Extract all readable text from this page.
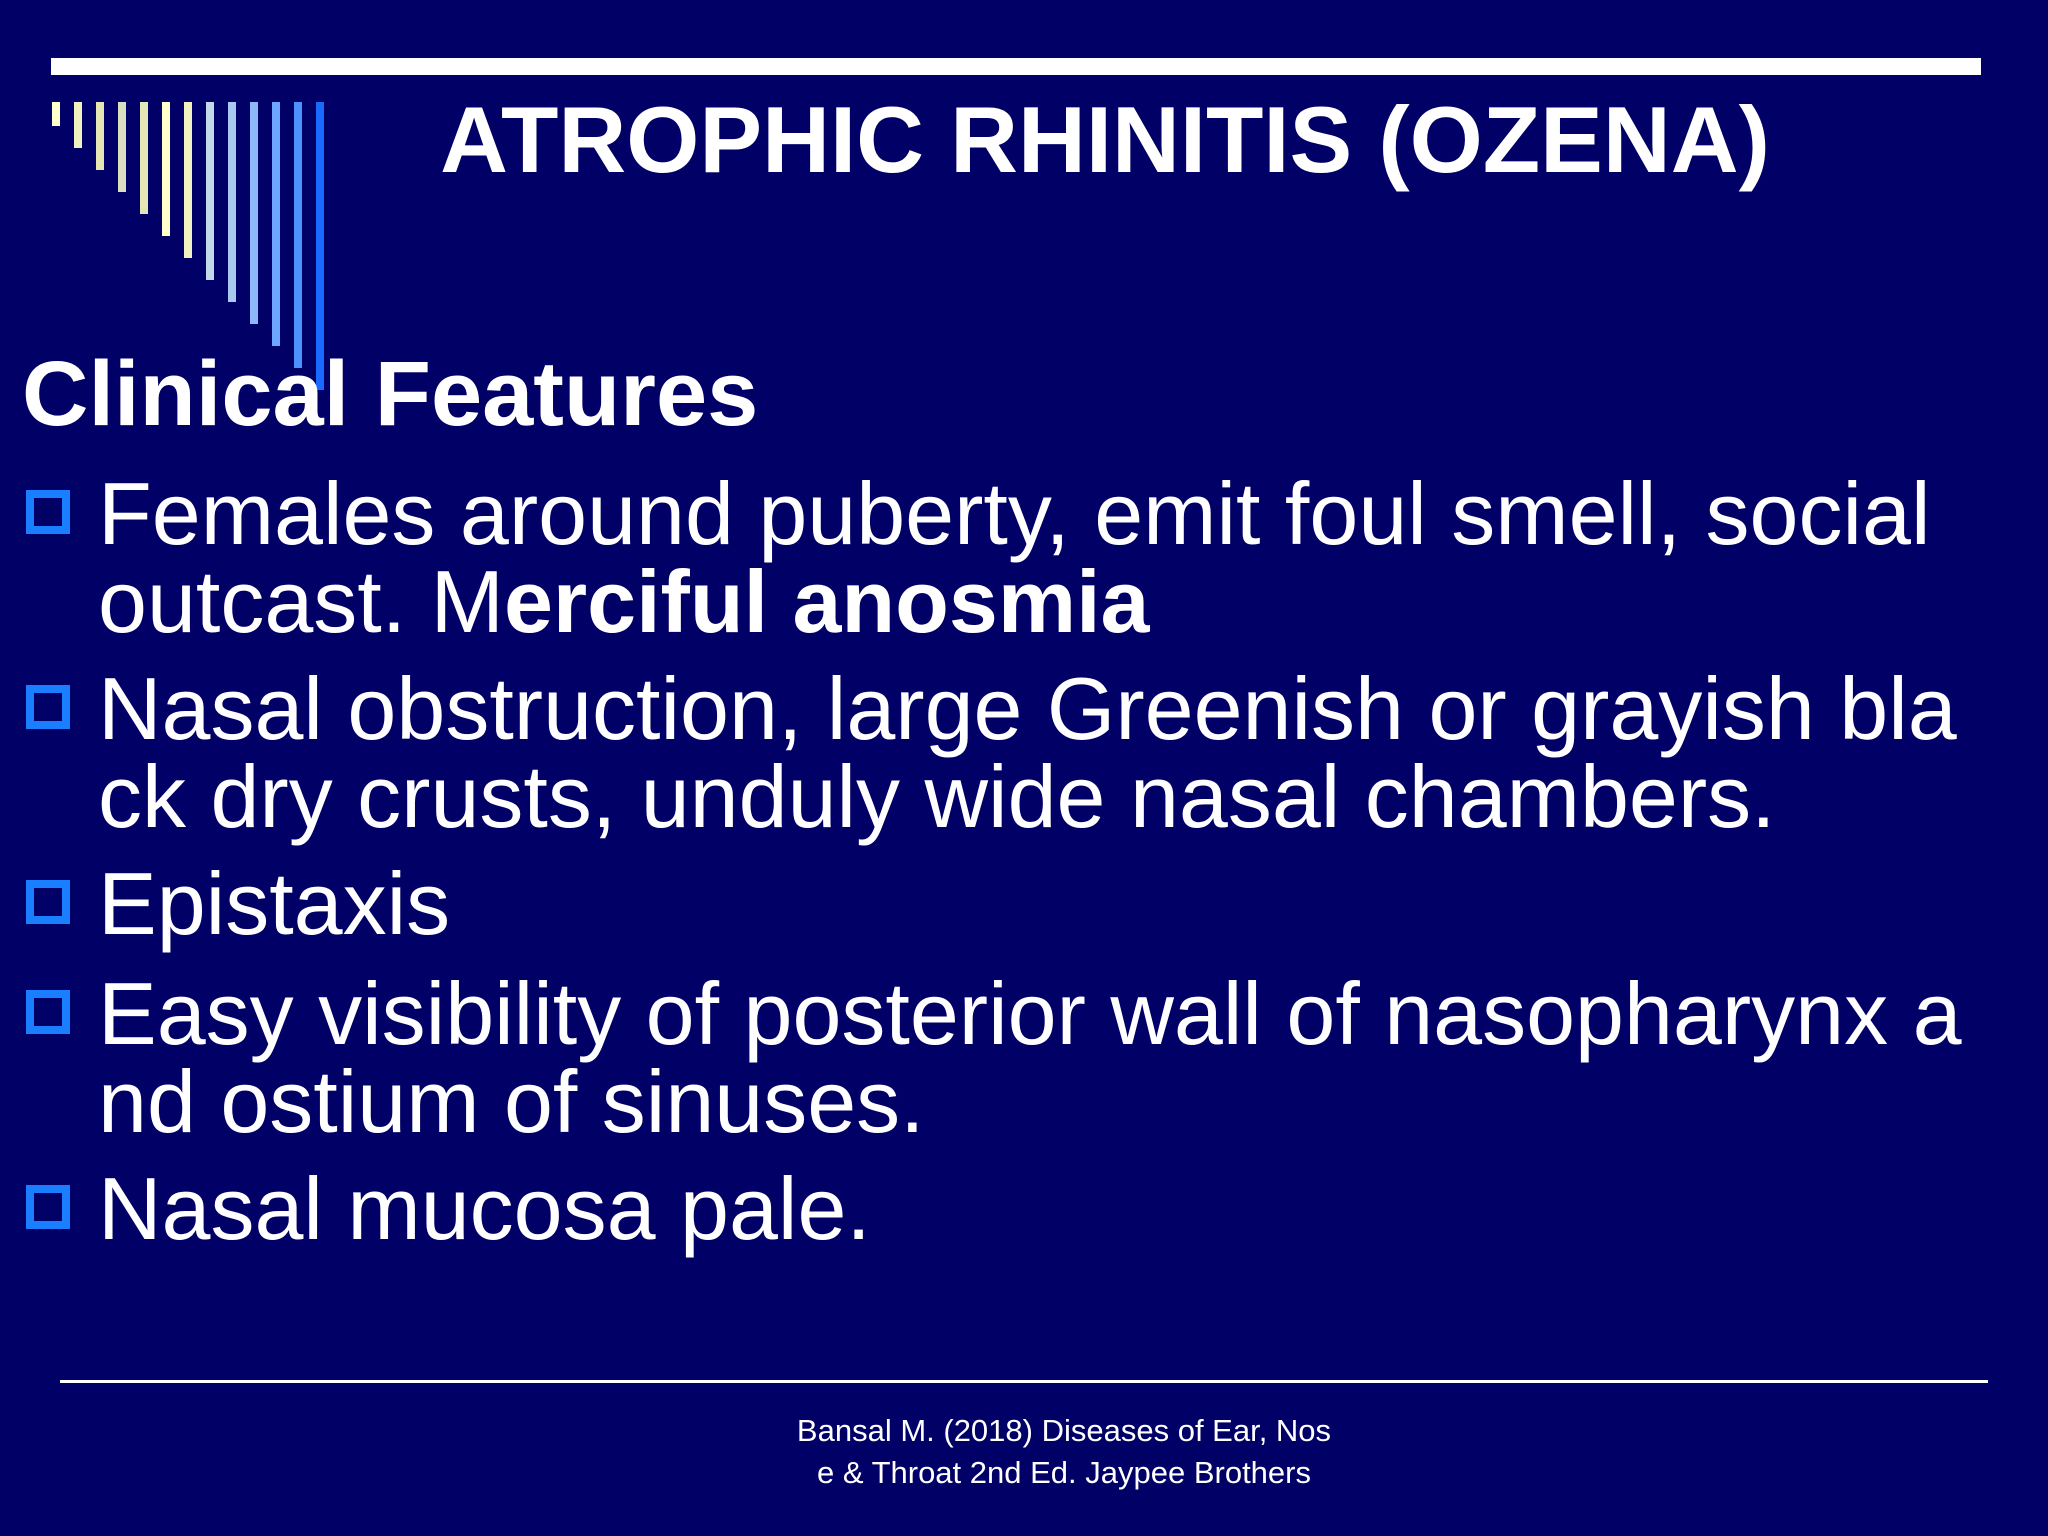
ATROPHIC RHINITIS (OZENA)
Clinical Features
Females around puberty, emit foul smell, social
outcast. Merciful anosmia
Nasal obstruction, large Greenish or grayish bla
ck dry crusts, unduly wide nasal chambers.
Epistaxis
Easy visibility of posterior wall of nasopharynx a
nd ostium of sinuses.
Nasal mucosa pale.
Bansal M. (2018) Diseases of Ear, Nos
e & Throat 2nd Ed. Jaypee Brothers
